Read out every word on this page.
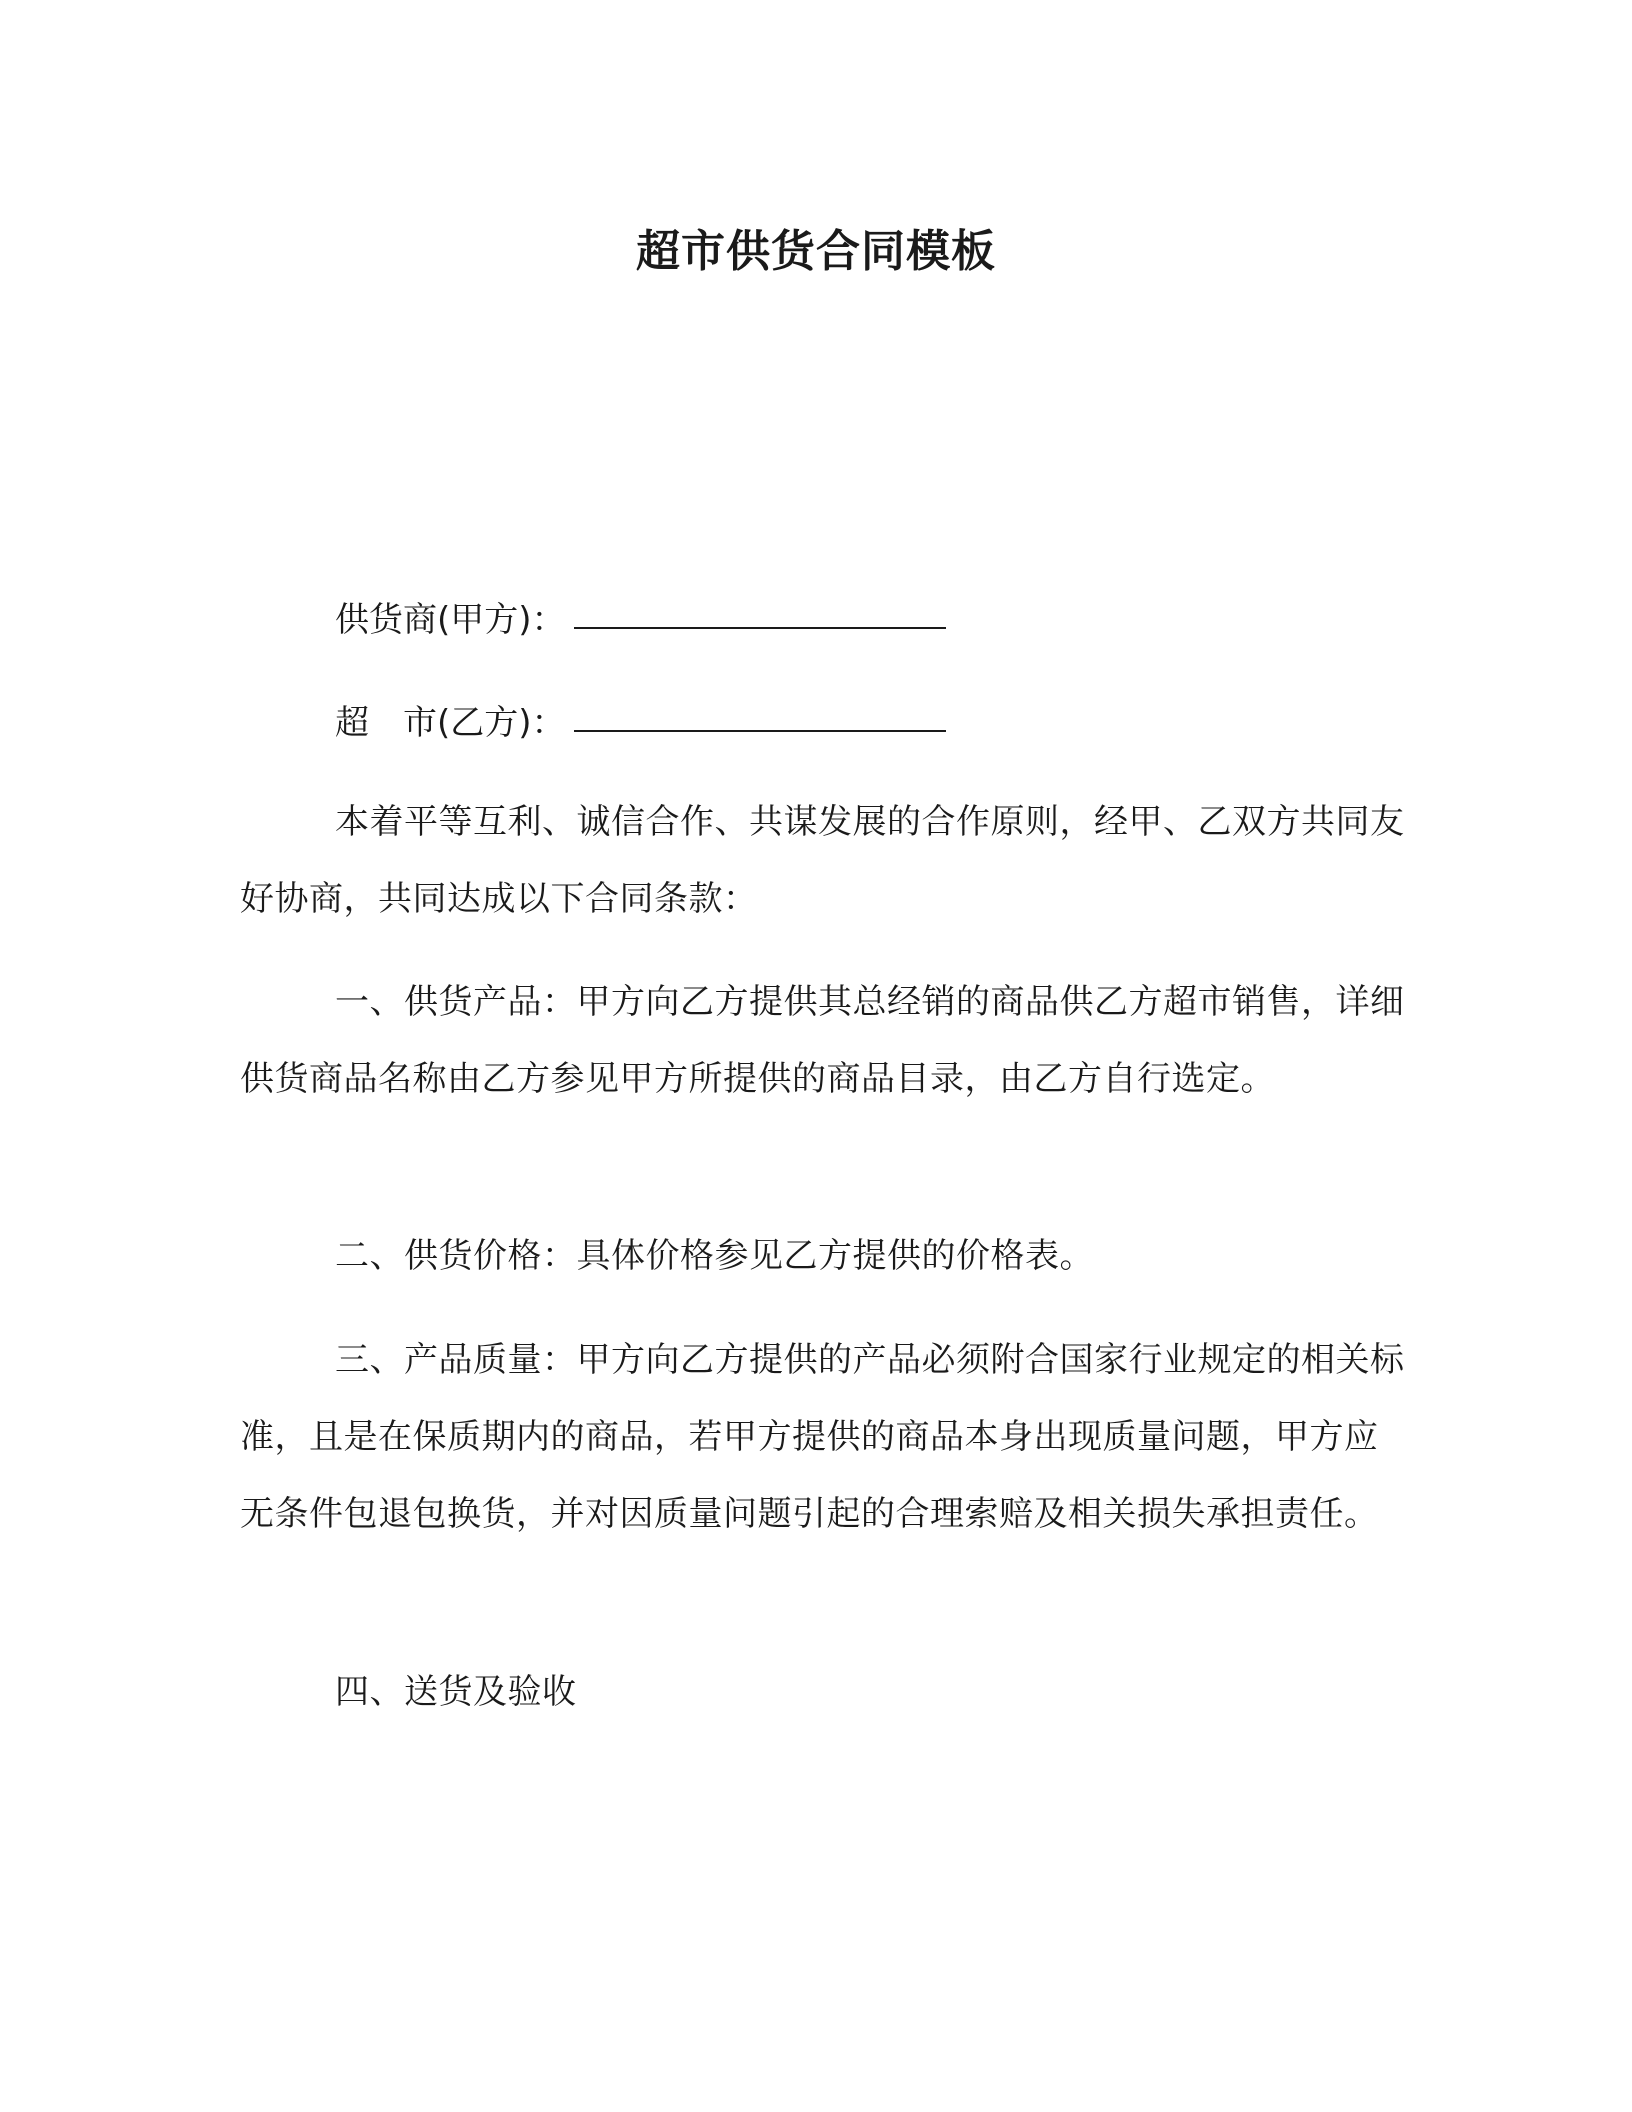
超市供货合同模板
供货商(甲方)：
超　市(乙方)：

本着平等互利、诚信合作、共谋发展的合作原则，经甲、乙双方共同友好协商，共同达成以下合同条款：

一、供货产品：甲方向乙方提供其总经销的商品供乙方超市销售，详细供货商品名称由乙方参见甲方所提供的商品目录，由乙方自行选定。

二、供货价格：具体价格参见乙方提供的价格表。

三、产品质量：甲方向乙方提供的产品必须附合国家行业规定的相关标准，且是在保质期内的商品，若甲方提供的商品本身出现质量问题，甲方应无条件包退包换货，并对因质量问题引起的合理索赔及相关损失承担责任。

四、送货及验收
